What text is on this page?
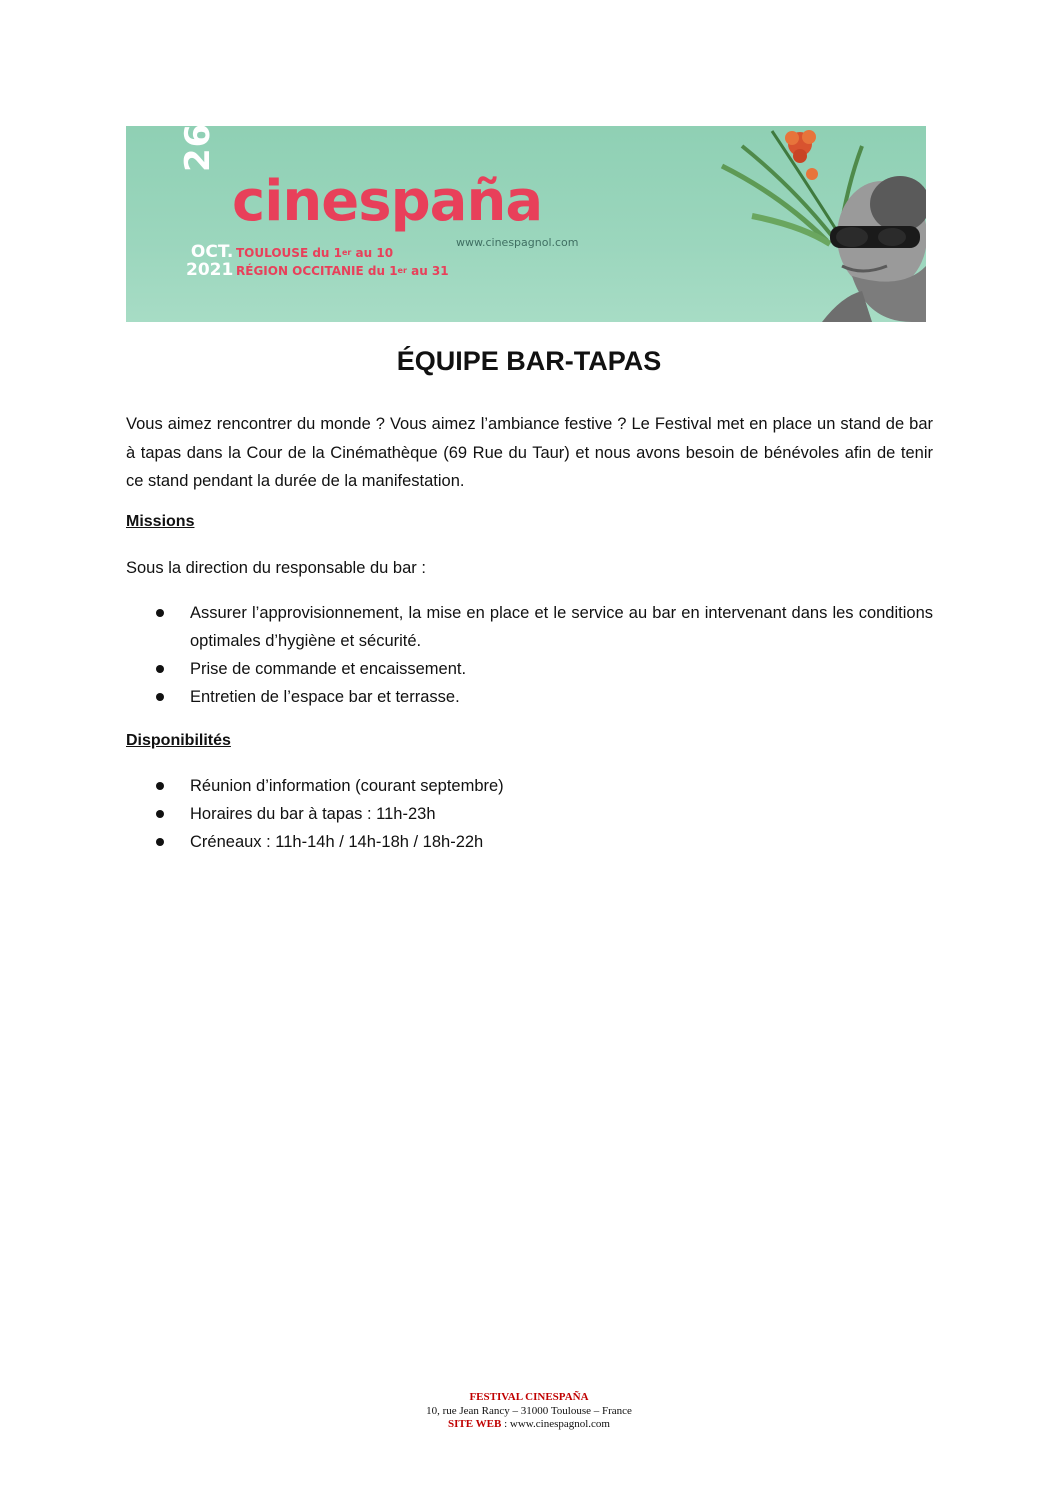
26e
cinespaña
www.cinespagnol.com
OCT.
2021
TOULOUSE du 1er au 10
RÉGION OCCITANIE du 1er au 31
ÉQUIPE BAR-TAPAS
Vous aimez rencontrer du monde ? Vous aimez l’ambiance festive ? Le Festival met en place un stand de bar à tapas dans la Cour de la Cinémathèque (69 Rue du Taur) et nous avons besoin de bénévoles afin de tenir ce stand pendant la durée de la manifestation.
Missions
Sous la direction du responsable du bar :
Assurer l’approvisionnement, la mise en place et le service au bar en intervenant dans les conditions optimales d’hygiène et sécurité.
Prise de commande et encaissement.
Entretien de l’espace bar et terrasse.
Disponibilités
Réunion d’information (courant septembre)
Horaires du bar à tapas : 11h-23h
Créneaux : 11h-14h / 14h-18h / 18h-22h
FESTIVAL CINESPAÑA
10, rue Jean Rancy – 31000 Toulouse – France
SITE WEB : www.cinespagnol.com
